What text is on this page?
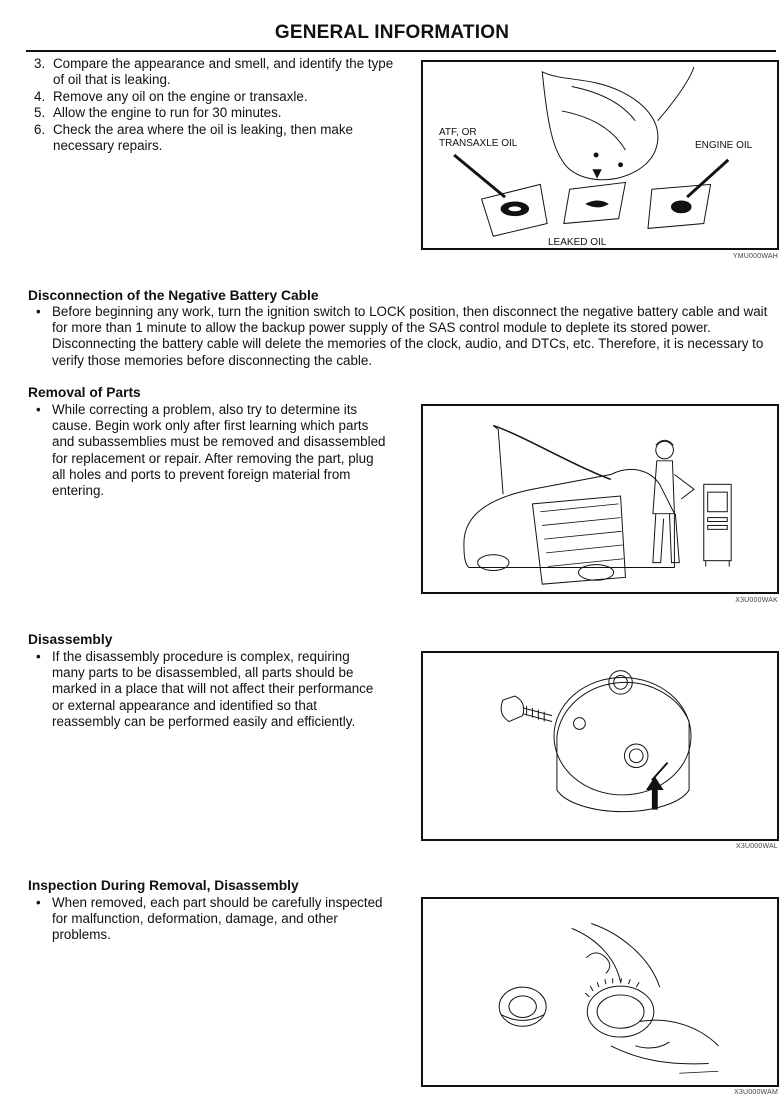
GENERAL INFORMATION
3. Compare the appearance and smell, and identify the type of oil that is leaking.
4. Remove any oil on the engine or transaxle.
5. Allow the engine to run for 30 minutes.
6. Check the area where the oil is leaking, then make necessary repairs.
ATF, OR
TRANSAXLE OIL	ENGINE OIL
LEAKED OIL
YMU000WAH
Disconnection of the Negative Battery Cable
• Before beginning any work, turn the ignition switch to LOCK position, then disconnect the negative battery cable and wait for more than 1 minute to allow the backup power supply of the SAS control module to deplete its stored power. Disconnecting the battery cable will delete the memories of the clock, audio, and DTCs, etc. Therefore, it is necessary to verify those memories before disconnecting the cable.
Removal of Parts
• While correcting a problem, also try to determine its cause. Begin work only after first learning which parts and subassemblies must be removed and disassembled for replacement or repair. After removing the part, plug all holes and ports to prevent foreign material from entering.
X3U000WAK
Disassembly
• If the disassembly procedure is complex, requiring many parts to be disassembled, all parts should be marked in a place that will not affect their performance or external appearance and identified so that reassembly can be performed easily and efficiently.
X3U000WAL
Inspection During Removal, Disassembly
• When removed, each part should be carefully inspected for malfunction, deformation, damage, and other problems.
X3U000WAM
